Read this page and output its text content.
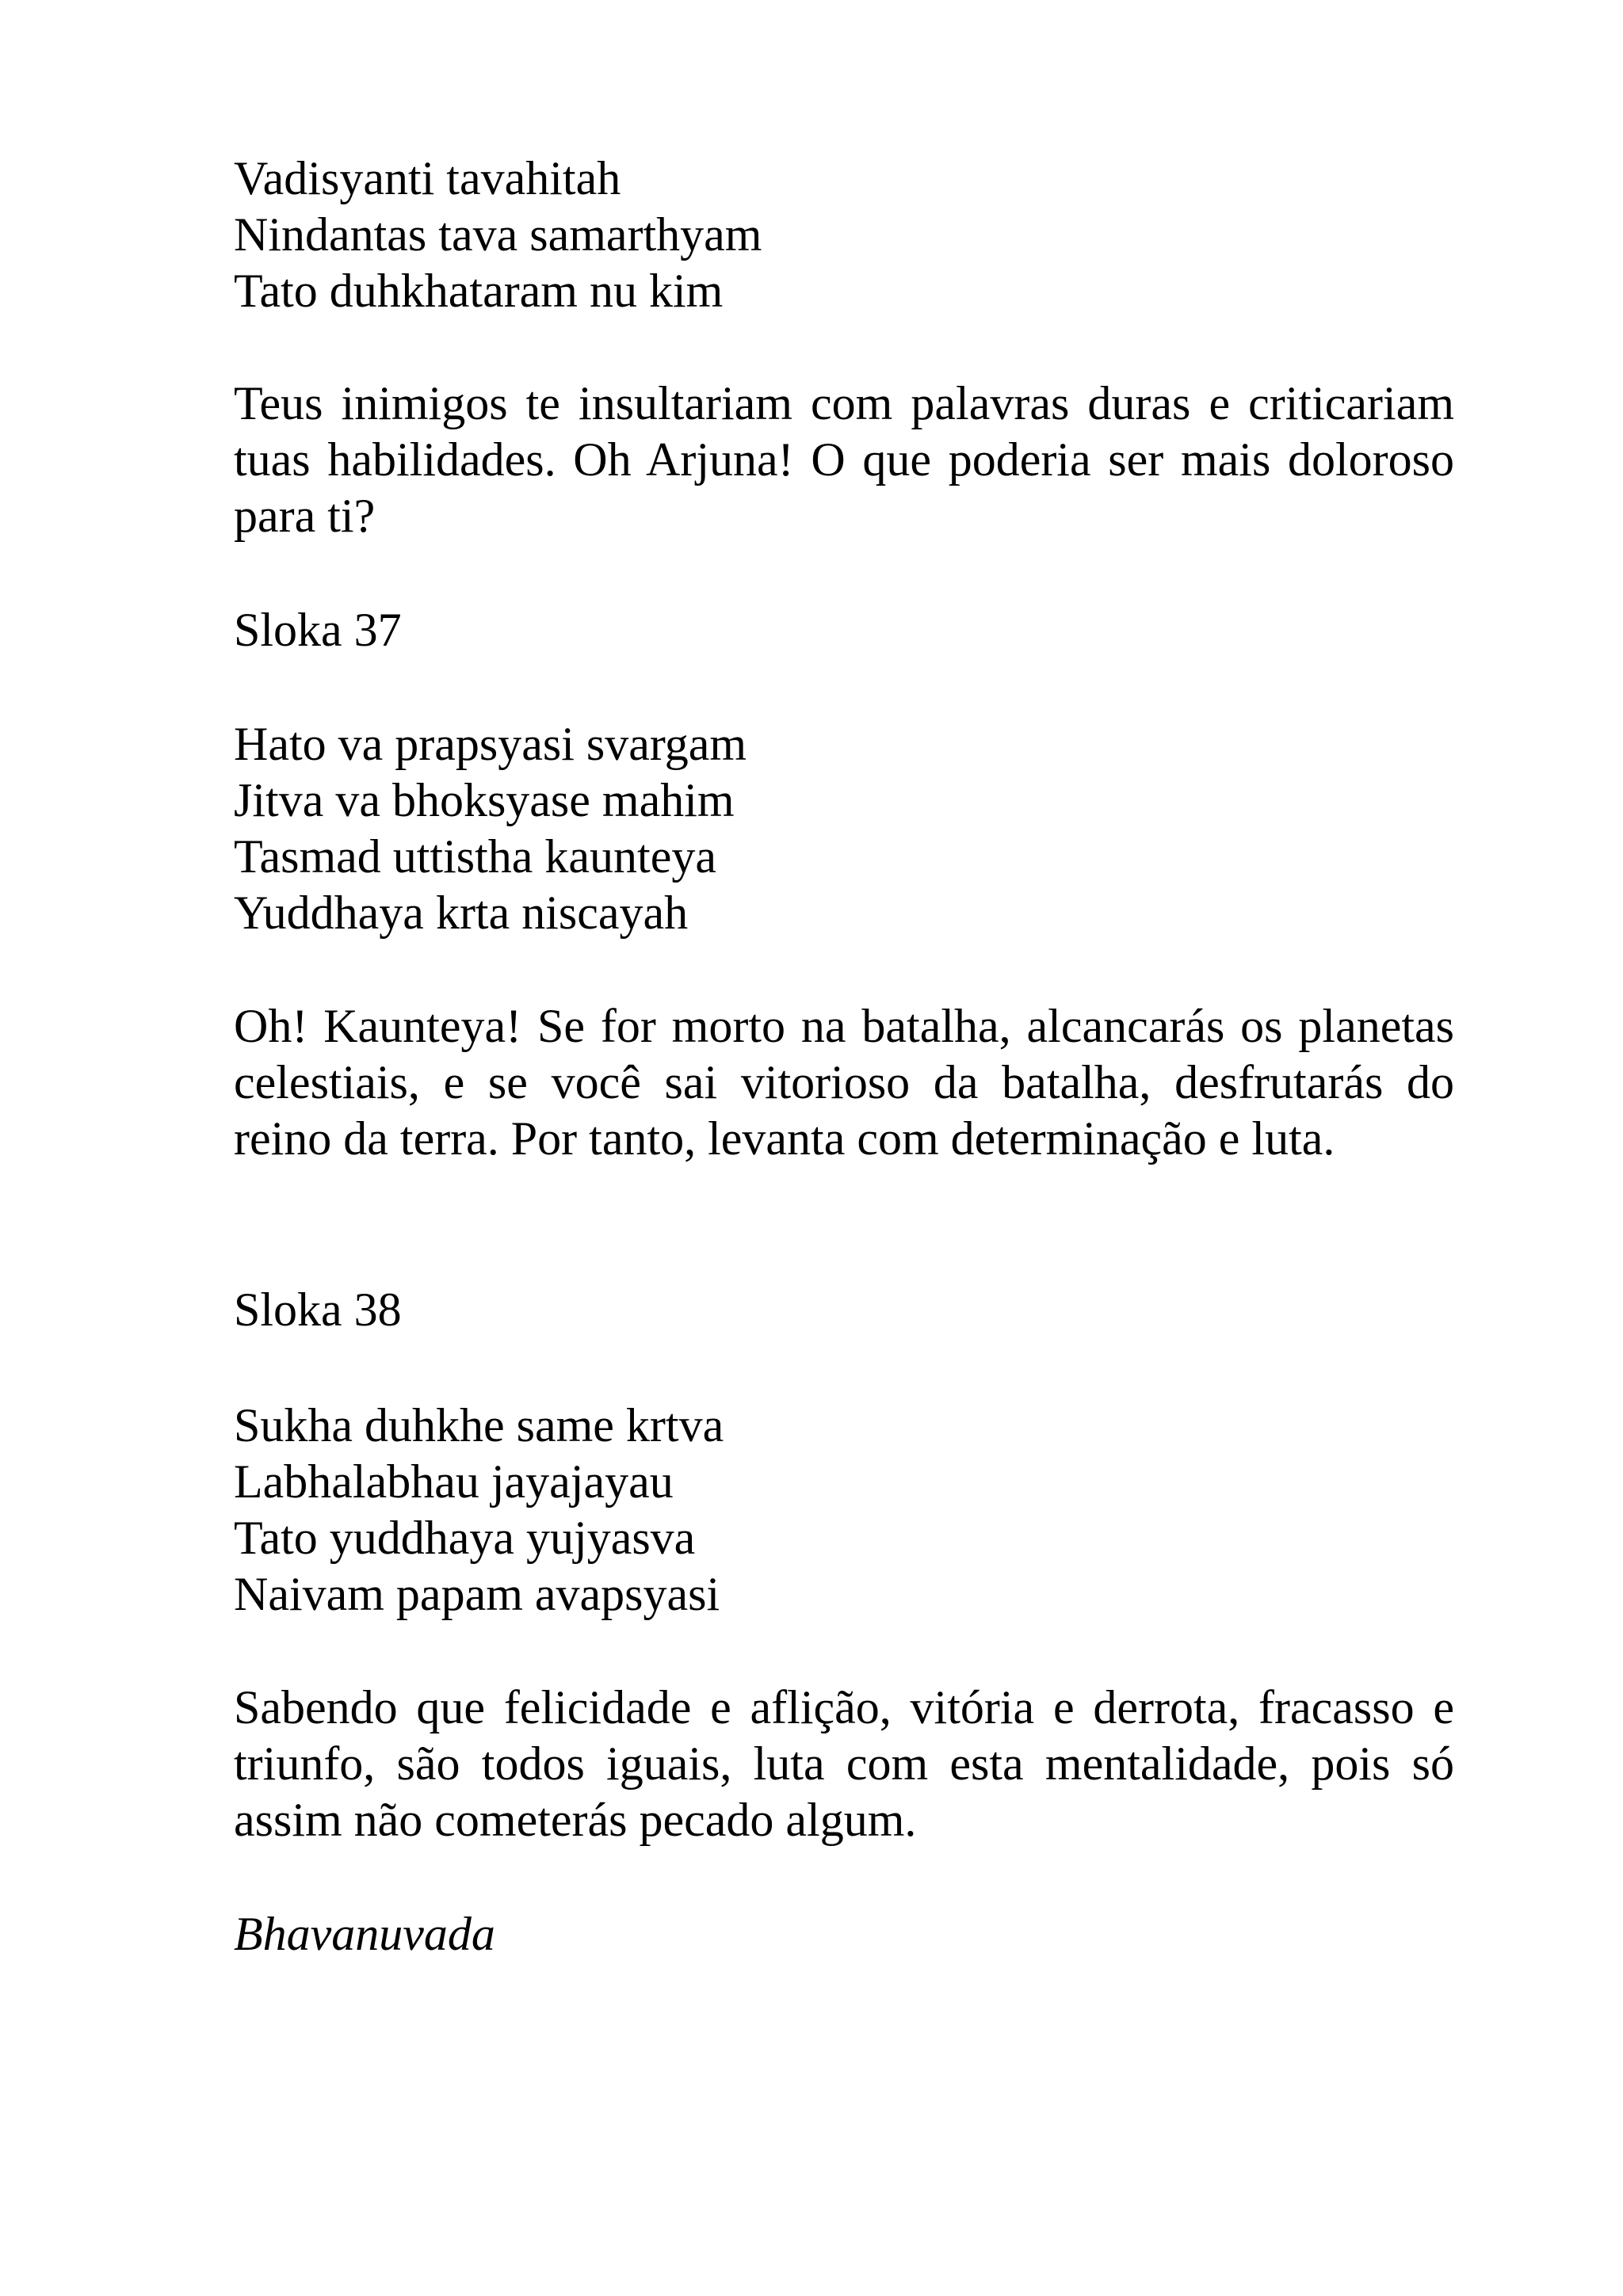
Vadisyanti tavahitah
Nindantas tava samarthyam
Tato duhkhataram nu kim
Teus inimigos te insultariam com palavras duras e criticariam tuas habilidades. Oh Arjuna! O que poderia ser mais doloroso para ti?
Sloka 37
Hato va prapsyasi svargam
Jitva va bhoksyase mahim
Tasmad uttistha kaunteya
Yuddhaya krta niscayah
Oh! Kaunteya! Se for morto na batalha, alcancarás os planetas celestiais, e se você sai vitorioso da batalha, desfrutarás do reino da terra. Por tanto, levanta com determinação e luta.
Sloka 38
Sukha duhkhe same krtva
Labhalabhau jayajayau
Tato yuddhaya yujyasva
Naivam papam avapsyasi
Sabendo que felicidade e aflição, vitória e derrota, fracasso e triunfo, são todos iguais, luta com esta mentalidade, pois só assim não cometerás pecado algum.
Bhavanuvada
